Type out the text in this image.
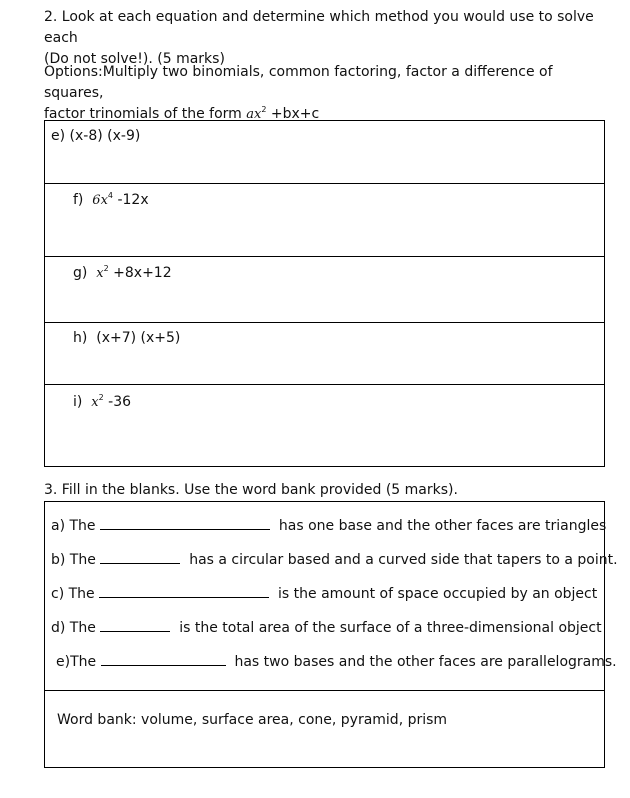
2. Look at each equation and determine which method you would use to solve each
(Do not solve!). (5 marks)
Options:Multiply two binomials, common factoring, factor a difference of squares,
factor trinomials of the form $ax^2 +bx+c$
e) (x-8) (x-9)
f) $6x^4$ -12x
g) $x^2 +8x+12$
h) (x+7) (x+5)
i) $x^2$ -36
3. Fill in the blanks. Use the word bank provided (5 marks).
a) The	has one base and the other faces are triangles
b) The	has a circular based and a curved side that tapers to a point.
c) The	is the amount of space occupied by an object
d) The	is the total area of the surface of a three-dimensional object
e)The	has two bases and the other faces are parallelograms.
Word bank: volume, surface area, cone, pyramid, prism
